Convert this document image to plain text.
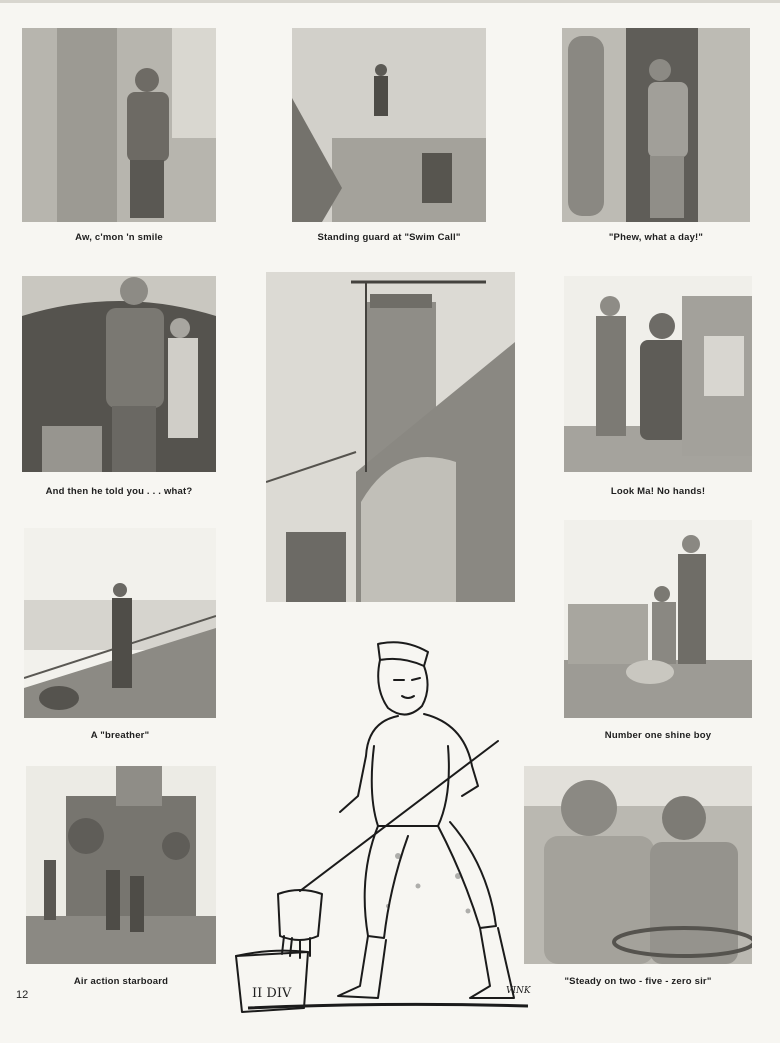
Aw, c'mon 'n smile	Standing guard at "Swim Call"	"Phew, what a day!"
And then he told you . . . what?	Look Ma! No hands!
A "breather"	Number one shine boy
Air action starboard	"Steady on two - five - zero sir"
II DIV	VINK
12
